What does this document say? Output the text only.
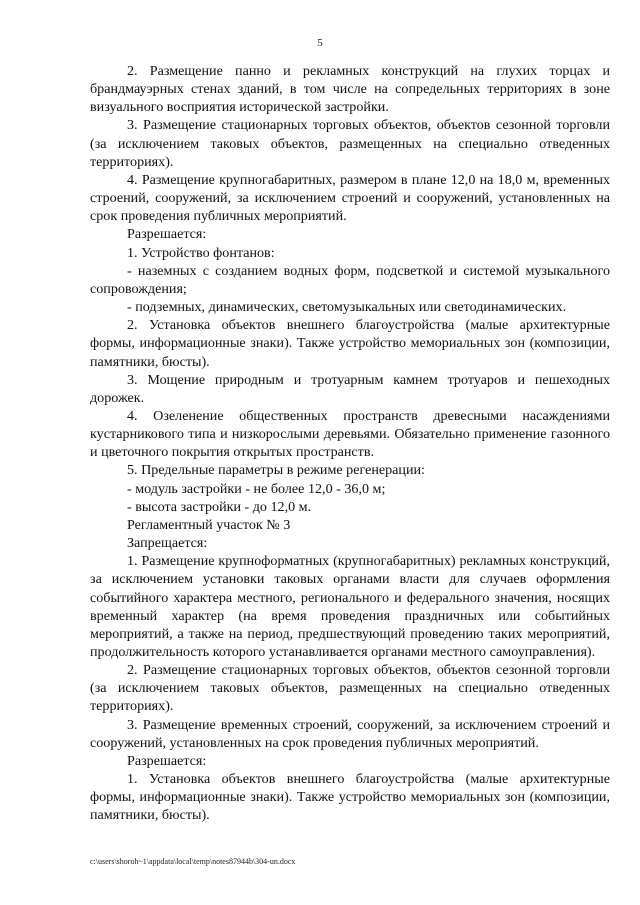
5

2. Размещение панно и рекламных конструкций на глухих торцах и брандмауэрных стенах зданий, в том числе на сопредельных территориях в зоне визуального восприятия исторической застройки.

3. Размещение стационарных торговых объектов, объектов сезонной торговли (за исключением таковых объектов, размещенных на специально отведенных территориях).

4. Размещение крупногабаритных, размером в плане 12,0 на 18,0 м, временных строений, сооружений, за исключением строений и сооружений, установленных на срок проведения публичных мероприятий.

Разрешается:

1. Устройство фонтанов:

- наземных с созданием водных форм, подсветкой и системой музыкального сопровождения;

- подземных, динамических, светомузыкальных или светодинамических.

2. Установка объектов внешнего благоустройства (малые архитектурные формы, информационные знаки). Также устройство мемориальных зон (композиции, памятники, бюсты).

3. Мощение природным и тротуарным камнем тротуаров и пешеходных дорожек.

4. Озеленение общественных пространств древесными насаждениями кустарникового типа и низкорослыми деревьями. Обязательно применение газонного и цветочного покрытия открытых пространств.

5. Предельные параметры в режиме регенерации:

- модуль застройки - не более 12,0 - 36,0 м;

- высота застройки - до 12,0 м.

Регламентный участок № 3

Запрещается:

1. Размещение крупноформатных (крупногабаритных) рекламных конструкций, за исключением установки таковых органами власти для случаев оформления событийного характера местного, регионального и федерального значения, носящих временный характер (на время проведения праздничных или событийных мероприятий, а также на период, предшествующий проведению таких мероприятий, продолжительность которого устанавливается органами местного самоуправления).

2. Размещение стационарных торговых объектов, объектов сезонной торговли (за исключением таковых объектов, размещенных на специально отведенных территориях).

3. Размещение временных строений, сооружений, за исключением строений и сооружений, установленных на срок проведения публичных мероприятий.

Разрешается:

1. Установка объектов внешнего благоустройства (малые архитектурные формы, информационные знаки). Также устройство мемориальных зон (композиции, памятники, бюсты).

c:\users\shoroh~1\appdata\local\temp\notes87944b\304-un.docx
